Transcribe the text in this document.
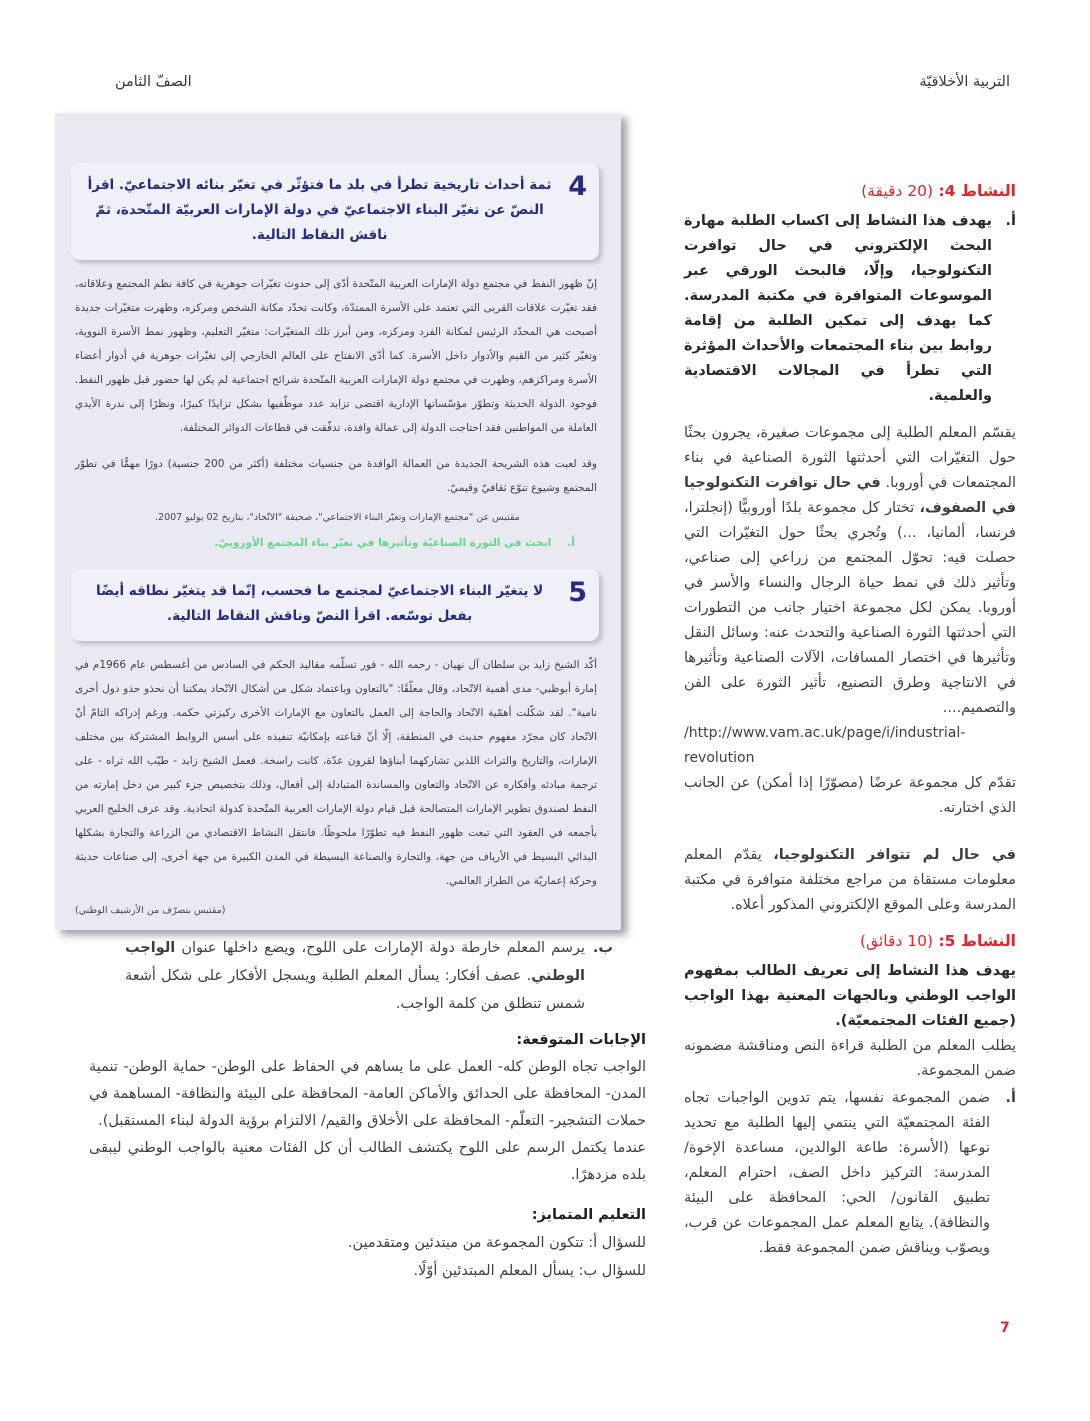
التربية الأخلاقيّة
الصفّ الثامن
4
ثمة أحداث تاريخية تطرأ في بلد ما فتؤثّر في تغيّر بنائه الاجتماعيّ. اقرأ النصّ عن تغيّر البناء الاجتماعيّ في دولة الإمارات العربيّة المتّحدة، ثمّ ناقش النقاط التالية.

إنّ ظهور النفط في مجتمع دولة الإمارات العربية المتّحدة أدّى إلى حدوث تغيّرات جوهرية في كافة نظم المجتمع وعلاقاته، فقد تغيّرت علاقات القربى التي تعتمد على الأسرة الممتدّة، وكانت تحدّد مكانة الشخص ومركزه، وظهرت متغيّرات جديدة أصبحت هي المحدّد الرئيس لمكانة الفرد ومركزه، ومن أبرز تلك المتغيّرات: متغيّر التعليم، وظهور نمط الأسرة النووية، وتغيّر كثير من القيم والأدوار داخل الأسرة. كما أدّى الانفتاح على العالم الخارجي إلى تغيّرات جوهرية في أدوار أعضاء الأسرة ومراكزهم، وظهرت في مجتمع دولة الإمارات العربية المتّحدة شرائح اجتماعية لم يكن لها حضور قبل ظهور النفط. فوجود الدولة الحديثة وتطوّر مؤسّساتها الإدارية اقتضى تزايد عدد موظّفيها بشكل تزايدًا كبيرًا، ونظرًا إلى ندرة الأيدي العاملة من المواطنين فقد احتاجت الدولة إلى عمالة وافدة، تدفّقت في قطاعات الدوائر المختلفة.

وقد لعبت هذه الشريحة الجديدة من العمالة الوافدة من جنسيات مختلفة (أكثر من 200 جنسية) دورًا مهمًّا في تطوّر المجتمع وشيوع تنوّع ثقافيّ وقيميّ.

مقتبس عن "مجتمع الإمارات وتغيّر البناء الاجتماعي"، صحيفة "الاتّحاد"، بتاريخ 02 يوليو 2007.

أ.ابحث في الثورة الصناعيّة وتأثيرها في تغيّر بناء المجتمع الأوروبيّ.

5
لا يتغيّر البناء الاجتماعيّ لمجتمع ما فحسب، إنّما قد يتغيّر نطاقه أيضًا بفعل توسّعه. اقرأ النصّ وناقش النقاط التالية.

أكّد الشيخ زايد بن سلطان آل نهيان - رحمه الله - فور تسلّمه مقاليد الحكم في السادس من أغسطس عام 1966م في إمارة أبوظبي- مدى أهمية الاتّحاد، وقال معلّقًا: "بالتعاون وباعتماد شكل من أشكال الاتّحاد يمكننا أن نحذو حذو دول أخرى نامية". لقد شكّلت أهمّية الاتّحاد والحاجة إلى العمل بالتعاون مع الإمارات الأخرى ركيزتي حكمه. ورغم إدراكه التامّ أنّ الاتّحاد كان مجرّد مفهوم حديث في المنطقة، إلّا أنّ قناعته بإمكانيّة تنفيذه على أسس الروابط المشتركة بين مختلف الإمارات، والتاريخ والتراث اللذين تشاركهما أبناؤها لقرون عدّة، كانت راسخة. فعمل الشيخ زايد - طيّب الله ثراه - على ترجمة مبادئه وأفكاره عن الاتّحاد والتعاون والمساندة المتبادلة إلى أفعال، وذلك بتخصيص جزء كبير من دخل إمارته من النفط لصندوق تطوير الإمارات المتصالحة قبل قيام دولة الإمارات العربية المتّحدة كدولة اتحادية. وقد عرف الخليج العربي بأجمعه في العقود التي تبعت ظهور النفط فيه تطوّرًا ملحوظًا. فانتقل النشاط الاقتصادي من الزراعة والتجارة بشكلها البدائي البسيط في الأرياف من جهة، والتجارة والصناعة البسيطة في المدن الكبيرة من جهة أخرى، إلى صناعات حديثة وحركة إعماريّة من الطراز العالمي.

(مقتبس بتصرّف من الأرشيف الوطني)

النشاط 4: (20 دقيقة)

أ.
يهدف هذا النشاط إلى اكساب الطلبة مهارة البحث الإلكتروني في حال توافرت التكنولوجيا، وإلّا، فالبحث الورقي عبر الموسوعات المتوافرة في مكتبة المدرسة. كما يهدف إلى تمكين الطلبة من إقامة روابط بين بناء المجتمعات والأحداث المؤثرة التي تطرأ في المجالات الاقتصادية والعلمية.

يقسّم المعلم الطلبة إلى مجموعات صغيرة، يجرون بحثًا حول التغيّرات التي أحدثتها الثورة الصناعية في بناء المجتمعات في أوروبا. في حال توافرت التكنولوجيا في الصفوف، تختار كل مجموعة بلدًا أوروبيًّا (إنجلترا، فرنسا، ألمانيا، ...) وتُجري بحثًا حول التغيّرات التي حصلت فيه: تحوّل المجتمع من زراعي إلى صناعي، وتأثير ذلك في نمط حياة الرجال والنساء والأسر في أوروبا. يمكن لكل مجموعة اختيار جانب من التطورات التي أحدثتها الثورة الصناعية والتحدث عنه: وسائل النقل وتأثيرها في اختصار المسافات، الآلات الصناعية وتأثيرها في الانتاجية وطرق التصنيع، تأثير الثورة على الفن والتصميم....

/http://www.vam.ac.uk/page/i/industrial-revolution

تقدّم كل مجموعة عرضًا (مصوّرًا إذا أمكن) عن الجانب الذي اختارته.

في حال لم تتوافر التكنولوجيا، يقدّم المعلم معلومات مستقاة من مراجع مختلفة متوافرة في مكتبة المدرسة وعلى الموقع الإلكتروني المذكور أعلاه.

النشاط 5: (10 دقائق)

يهدف هذا النشاط إلى تعريف الطالب بمفهوم الواجب الوطني وبالجهات المعنية بهذا الواجب (جميع الفئات المجتمعيّة).

يطلب المعلم من الطلبة قراءة النص ومناقشة مضمونه ضمن المجموعة.

أ.
ضمن المجموعة نفسها، يتم تدوين الواجبات تجاه الفئة المجتمعيّة التي ينتمي إليها الطلبة مع تحديد نوعها (الأسرة: طاعة الوالدين، مساعدة الإخوة/ المدرسة: التركيز داخل الصف، احترام المعلم، تطبيق القانون/ الحي: المحافظة على البيئة والنظافة). يتابع المعلم عمل المجموعات عن قرب، ويصوّب ويناقش ضمن المجموعة فقط.

ب.
يرسم المعلم خارطة دولة الإمارات على اللوح، ويضع داخلها عنوان الواجب الوطني. عصف أفكار: يسأل المعلم الطلبة ويسجل الأفكار على شكل أشعة شمس تنطلق من كلمة الواجب.

الإجابات المتوقعة:

الواجب تجاه الوطن كله- العمل على ما يساهم في الحفاظ على الوطن- حماية الوطن- تنمية المدن- المحافظة على الحدائق والأماكن العامة- المحافظة على البيئة والنظافة- المساهمة في حملات التشجير- التعلّم- المحافظة على الأخلاق والقيم/ الالتزام برؤية الدولة لبناء المستقبل).

عندما يكتمل الرسم على اللوح يكتشف الطالب أن كل الفئات معنية بالواجب الوطني ليبقى بلده مزدهرًا.

التعليم المتمايز:

للسؤال أ: تتكون المجموعة من مبتدئين ومتقدمين.

للسؤال ب: يسأل المعلم المبتدئين أوّلًا.

7
